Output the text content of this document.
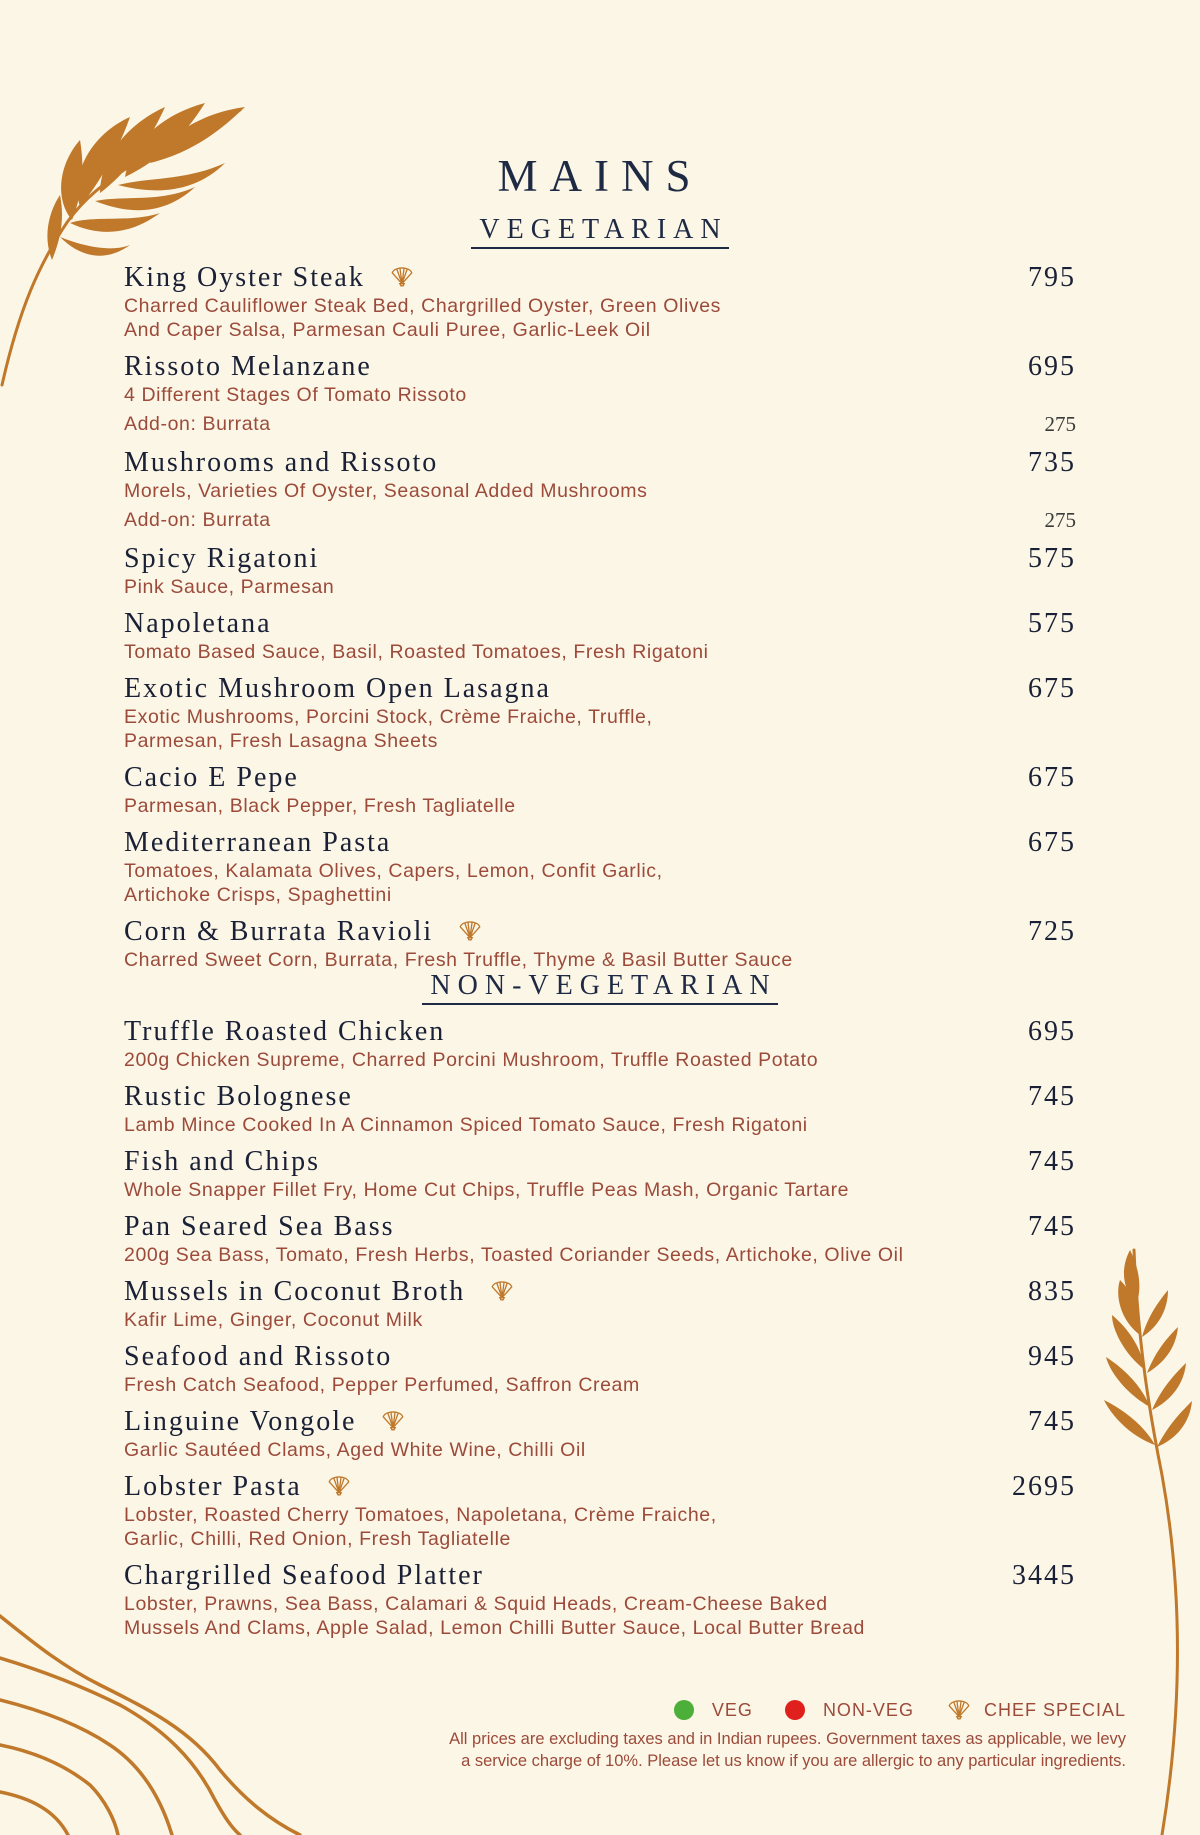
MAINS
VEGETARIAN
King Oyster Steak	795
Charred Cauliflower Steak Bed, Chargrilled Oyster, Green Olives
And Caper Salsa, Parmesan Cauli Puree, Garlic-Leek Oil
Rissoto Melanzane	695
4 Different Stages Of Tomato Rissoto
Add-on: Burrata	275
Mushrooms and Rissoto	735
Morels, Varieties Of Oyster, Seasonal Added Mushrooms
Add-on: Burrata	275
Spicy Rigatoni	575
Pink Sauce, Parmesan
Napoletana	575
Tomato Based Sauce, Basil, Roasted Tomatoes, Fresh Rigatoni
Exotic Mushroom Open Lasagna	675
Exotic Mushrooms, Porcini Stock, Crème Fraiche, Truffle,
Parmesan, Fresh Lasagna Sheets
Cacio E Pepe	675
Parmesan, Black Pepper, Fresh Tagliatelle
Mediterranean Pasta	675
Tomatoes, Kalamata Olives, Capers, Lemon, Confit Garlic,
Artichoke Crisps, Spaghettini
Corn & Burrata Ravioli	725
Charred Sweet Corn, Burrata, Fresh Truffle, Thyme & Basil Butter Sauce
NON-VEGETARIAN
Truffle Roasted Chicken	695
200g Chicken Supreme, Charred Porcini Mushroom, Truffle Roasted Potato
Rustic Bolognese	745
Lamb Mince Cooked In A Cinnamon Spiced Tomato Sauce, Fresh Rigatoni
Fish and Chips	745
Whole Snapper Fillet Fry, Home Cut Chips, Truffle Peas Mash, Organic Tartare
Pan Seared Sea Bass	745
200g Sea Bass, Tomato, Fresh Herbs, Toasted Coriander Seeds, Artichoke, Olive Oil
Mussels in Coconut Broth	835
Kafir Lime, Ginger, Coconut Milk
Seafood and Rissoto	945
Fresh Catch Seafood, Pepper Perfumed, Saffron Cream
Linguine Vongole	745
Garlic Sautéed Clams, Aged White Wine, Chilli Oil
Lobster Pasta	2695
Lobster, Roasted Cherry Tomatoes, Napoletana, Crème Fraiche,
Garlic, Chilli, Red Onion, Fresh Tagliatelle
Chargrilled Seafood Platter	3445
Lobster, Prawns, Sea Bass, Calamari & Squid Heads, Cream-Cheese Baked
Mussels And Clams, Apple Salad, Lemon Chilli Butter Sauce, Local Butter Bread
VEG	NON-VEG	CHEF SPECIAL
All prices are excluding taxes and in Indian rupees. Government taxes as applicable, we levy
a service charge of 10%. Please let us know if you are allergic to any particular ingredients.
